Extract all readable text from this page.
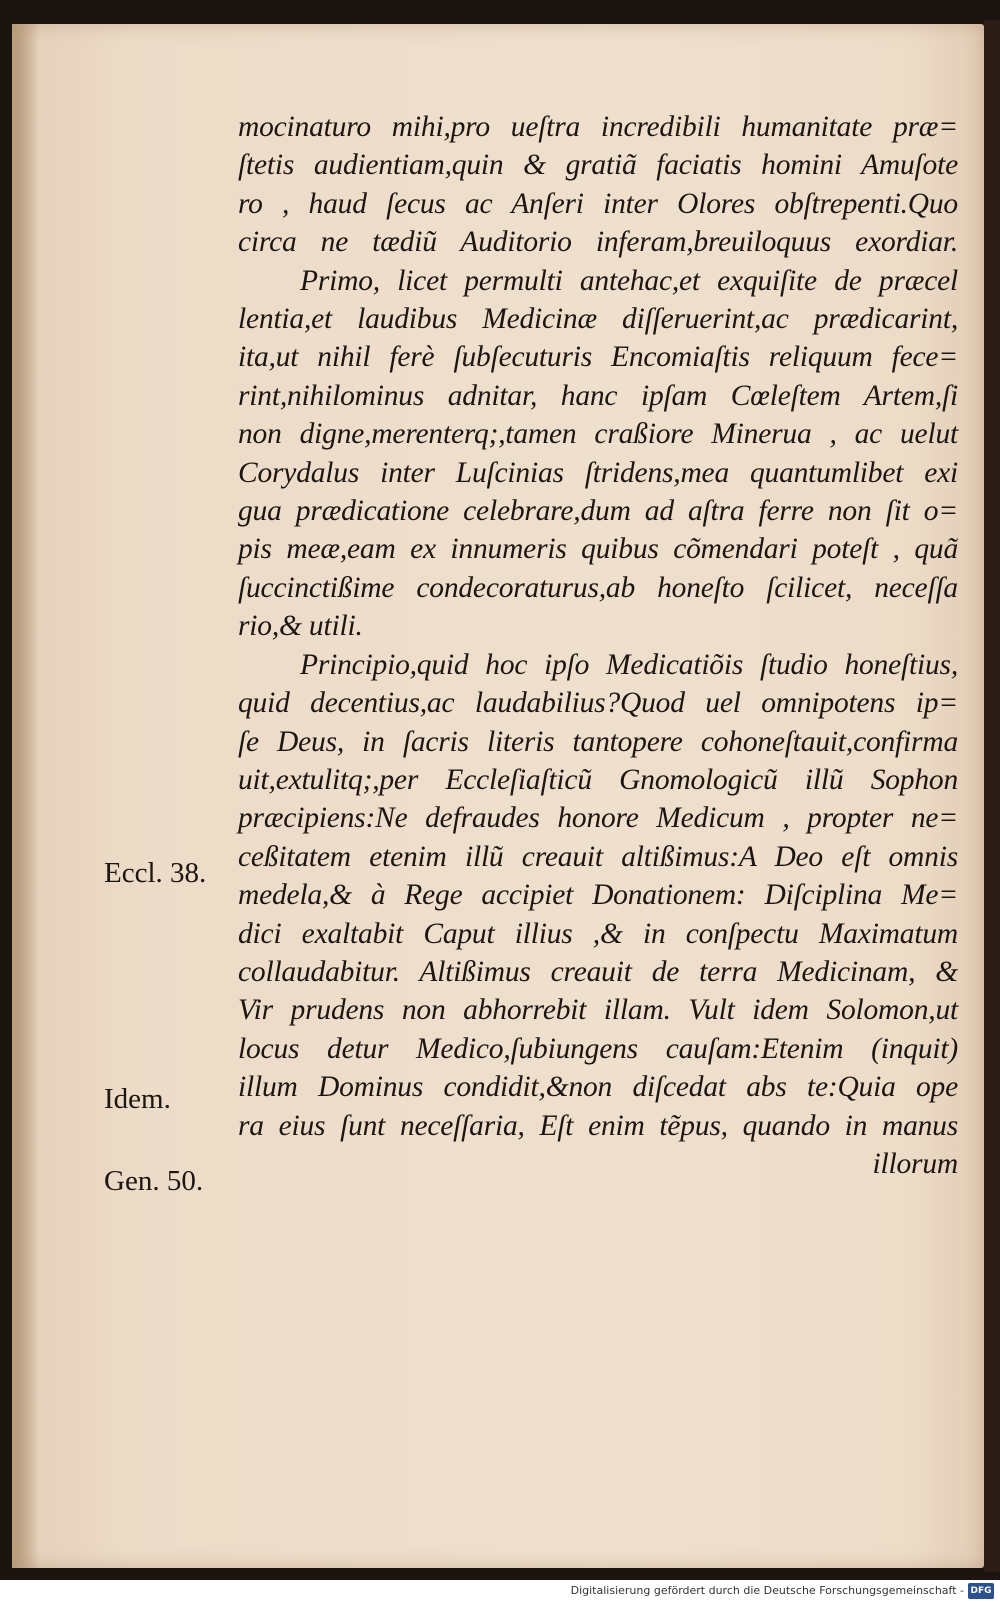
mocinaturo mihi,pro ueſtra incredibili humanitate præ=
ſtetis audientiam,quin & gratiã faciatis homini Amuſote
ro , haud ſecus ac Anſeri inter Olores obſtrepenti.Quo
circa ne tædiũ Auditorio inferam,breuiloquus exordiar.
Primo, licet permulti antehac,et exquiſite de præcel
lentia,et laudibus Medicinæ diſſeruerint,ac prædicarint,
ita,ut nihil ferè ſubſecuturis Encomiaſtis reliquum fece=
rint,nihilominus adnitar, hanc ipſam Cœleſtem Artem,ſi
non digne,merenterq;,tamen craßiore Minerua , ac uelut
Corydalus inter Luſcinias ſtridens,mea quantumlibet exi
gua prædicatione celebrare,dum ad aſtra ferre non ſit o=
pis meæ,eam ex innumeris quibus cõmendari poteſt , quã
ſuccinctißime condecoraturus,ab honeſto ſcilicet, neceſſa
rio,& utili.
Principio,quid hoc ipſo Medicatiõis ſtudio honeſtius,
quid decentius,ac laudabilius?Quod uel omnipotens ip=
ſe Deus, in ſacris literis tantopere cohoneſtauit,confirma
uit,extulitq;,per Eccleſiaſticũ Gnomologicũ illũ Sophon
præcipiens:Ne defraudes honore Medicum , propter ne=
ceßitatem etenim illũ creauit altißimus:A Deo eſt omnis
medela,& à Rege accipiet Donationem: Diſciplina Me=
dici exaltabit Caput illius ,& in conſpectu Maximatum
collaudabitur. Altißimus creauit de terra Medicinam, &
Vir prudens non abhorrebit illam. Vult idem Solomon,ut
locus detur Medico,ſubiungens cauſam:Etenim (inquit)
illum Dominus condidit,&non diſcedat abs te:Quia ope
ra eius ſunt neceſſaria, Eſt enim tẽpus, quando in manus
illorum
Eccl. 38.
Idem.
Gen. 50.
Digitalisierung gefördert durch die Deutsche Forschungsgemeinschaft - DFG
